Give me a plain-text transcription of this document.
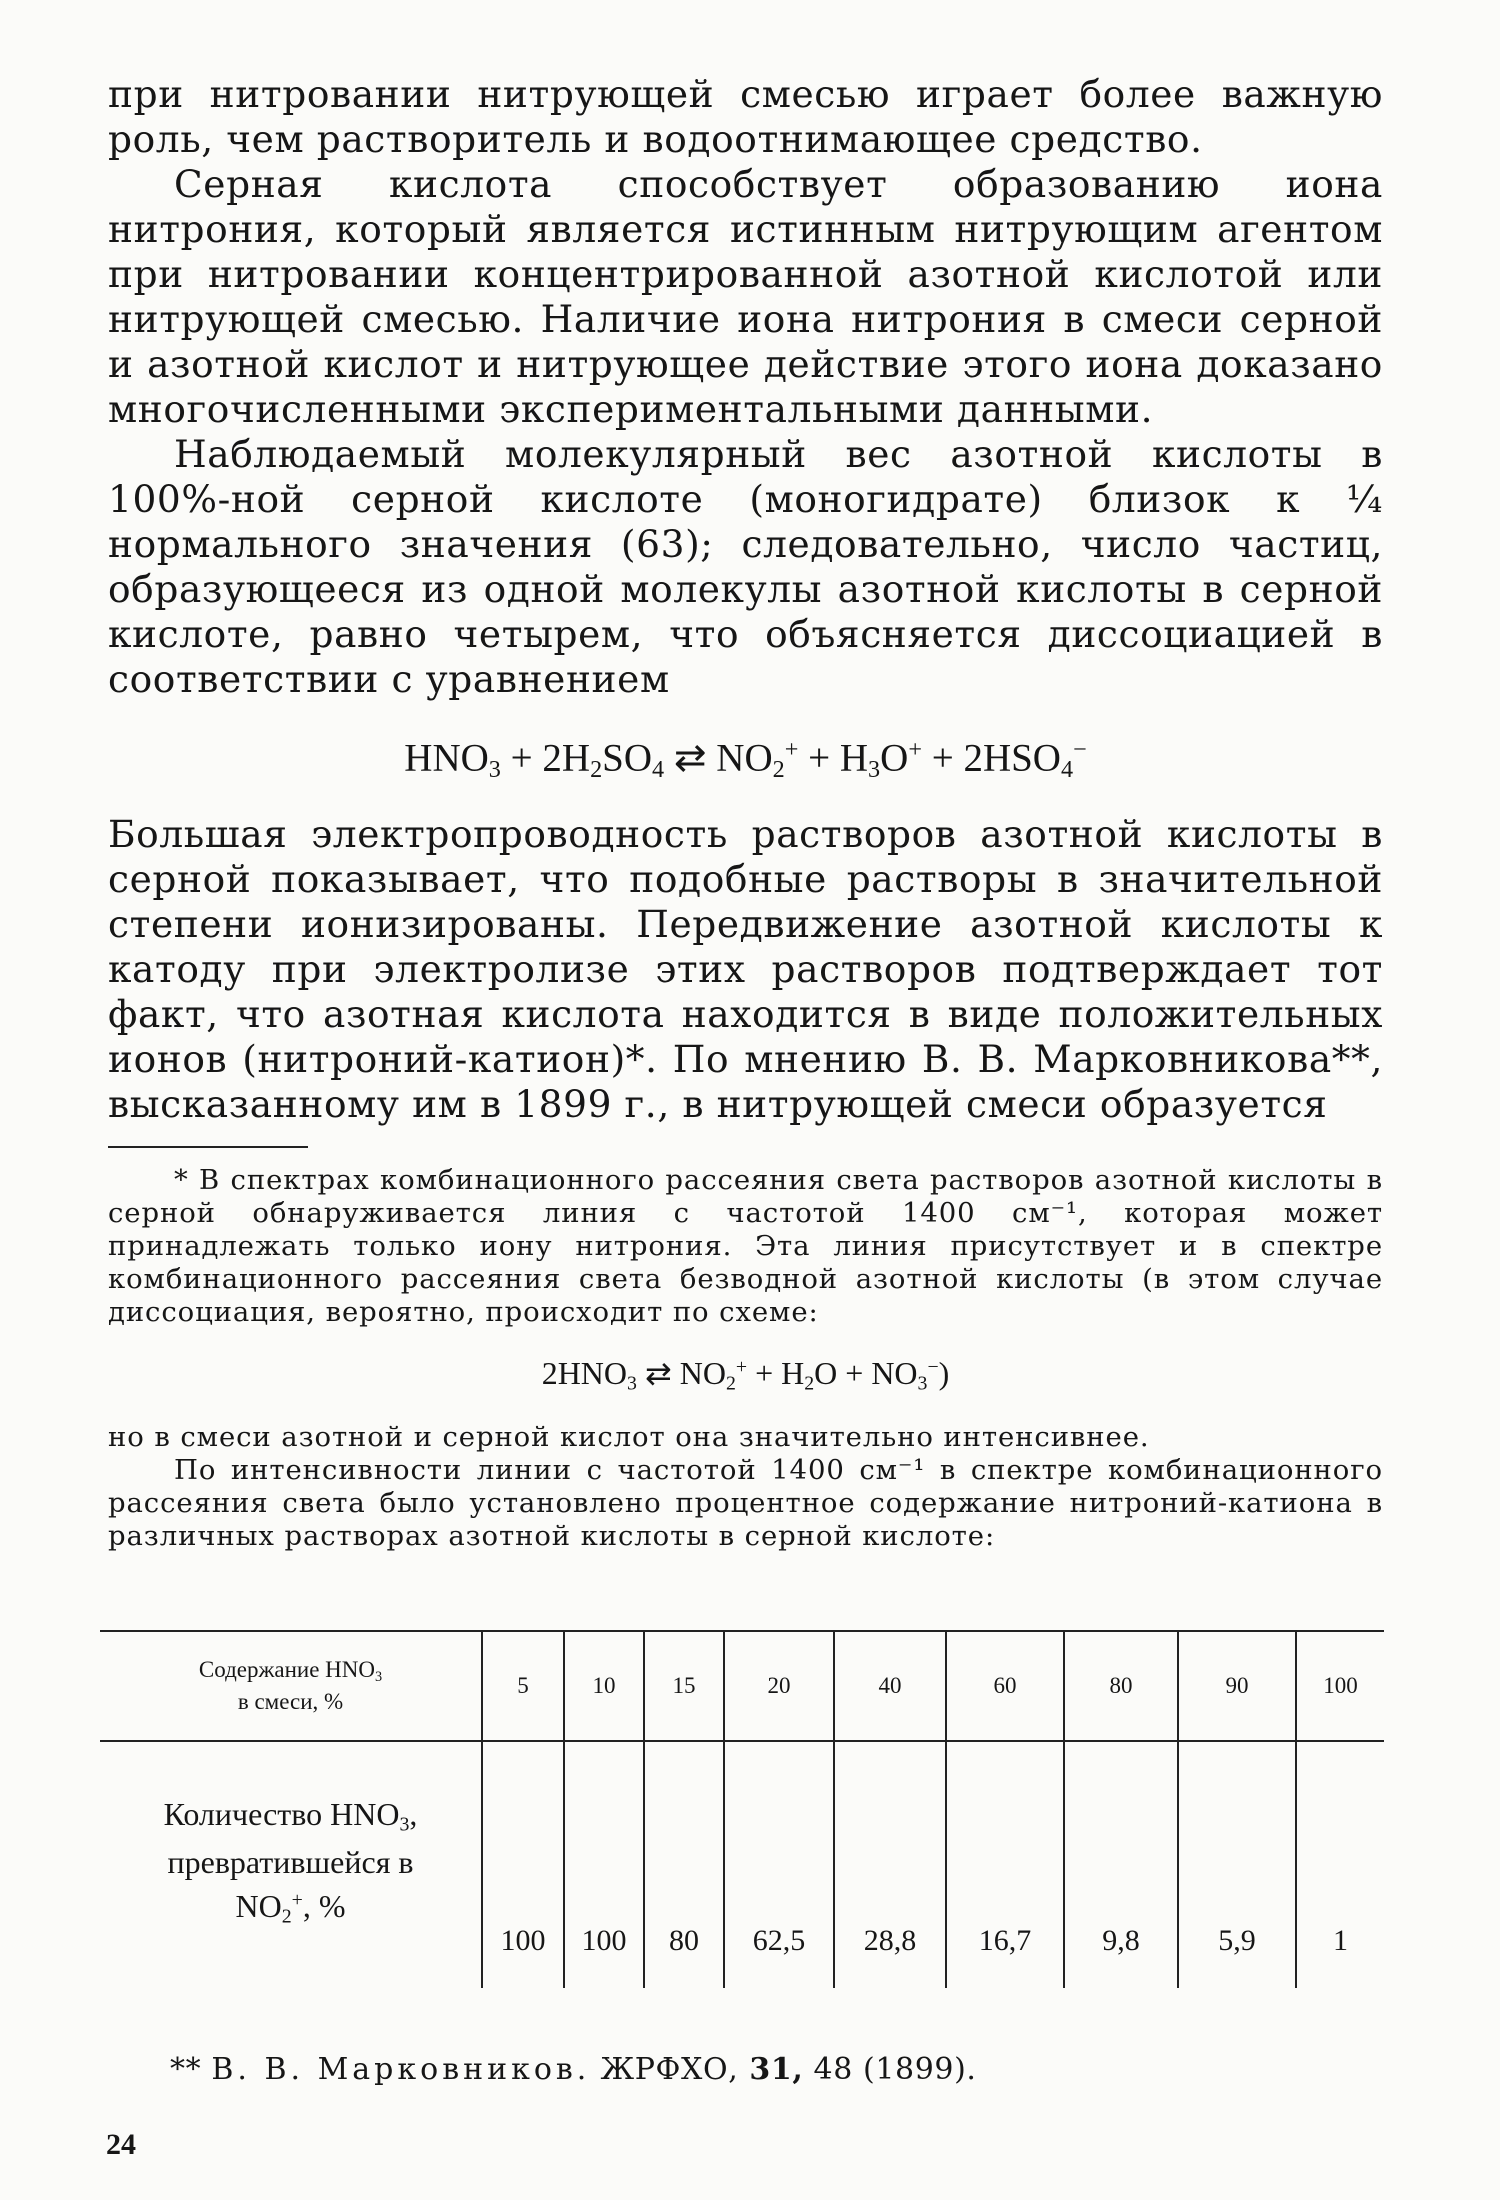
при нитровании нитрующей смесью играет более важную роль, чем растворитель и водоотнимающее средство.

Серная кислота способствует образованию иона нитрония, который является истинным нитрующим агентом при нитровании концентрированной азотной кислотой или нитрующей смесью. Наличие иона нитрония в смеси серной и азотной кислот и нитрующее действие этого иона доказано многочисленными экспериментальными данными.

Наблюдаемый молекулярный вес азотной кислоты в 100%-ной серной кислоте (моногидрате) близок к ¼ нормального значения (63); следовательно, число частиц, образующееся из одной молекулы азотной кислоты в серной кислоте, равно четырем, что объясняется диссоциацией в соответствии с уравнением

$HNO_3 + 2H_2SO_4$ ⇄ $NO_2^+ + H_3O^+ + 2HSO_4^-$

Большая электропроводность растворов азотной кислоты в серной показывает, что подобные растворы в значительной степени ионизированы. Передвижение азотной кислоты к катоду при электролизе этих растворов подтверждает тот факт, что азотная кислота находится в виде положительных ионов (нитроний-катион)*. По мнению В. В. Марковникова**, высказанному им в 1899 г., в нитрующей смеси образуется

* В спектрах комбинационного рассеяния света растворов азотной кислоты в серной обнаруживается линия с частотой 1400 см⁻¹, которая может принадлежать только иону нитрония. Эта линия присутствует и в спектре комбинационного рассеяния света безводной азотной кислоты (в этом случае диссоциация, вероятно, происходит по схеме:

$2HNO_3$ ⇄ $NO_2^+ + H_2O + NO_3^-$)

но в смеси азотной и серной кислот она значительно интенсивнее.

По интенсивности линии с частотой 1400 см⁻¹ в спектре комбинационного рассеяния света было установлено процентное содержание нитроний-катиона в различных растворах азотной кислоты в серной кислоте:

Содержание $HNO_3$
в смеси, %	5	10	15	20	40	60	80	90	100
Количество $HNO_3$,
превратившейся в
$NO_2^+$, %	100	100	80	62,5	28,8	16,7	9,8	5,9	1
** В. В. Марковников. ЖРФХО, 31, 48 (1899).
24
